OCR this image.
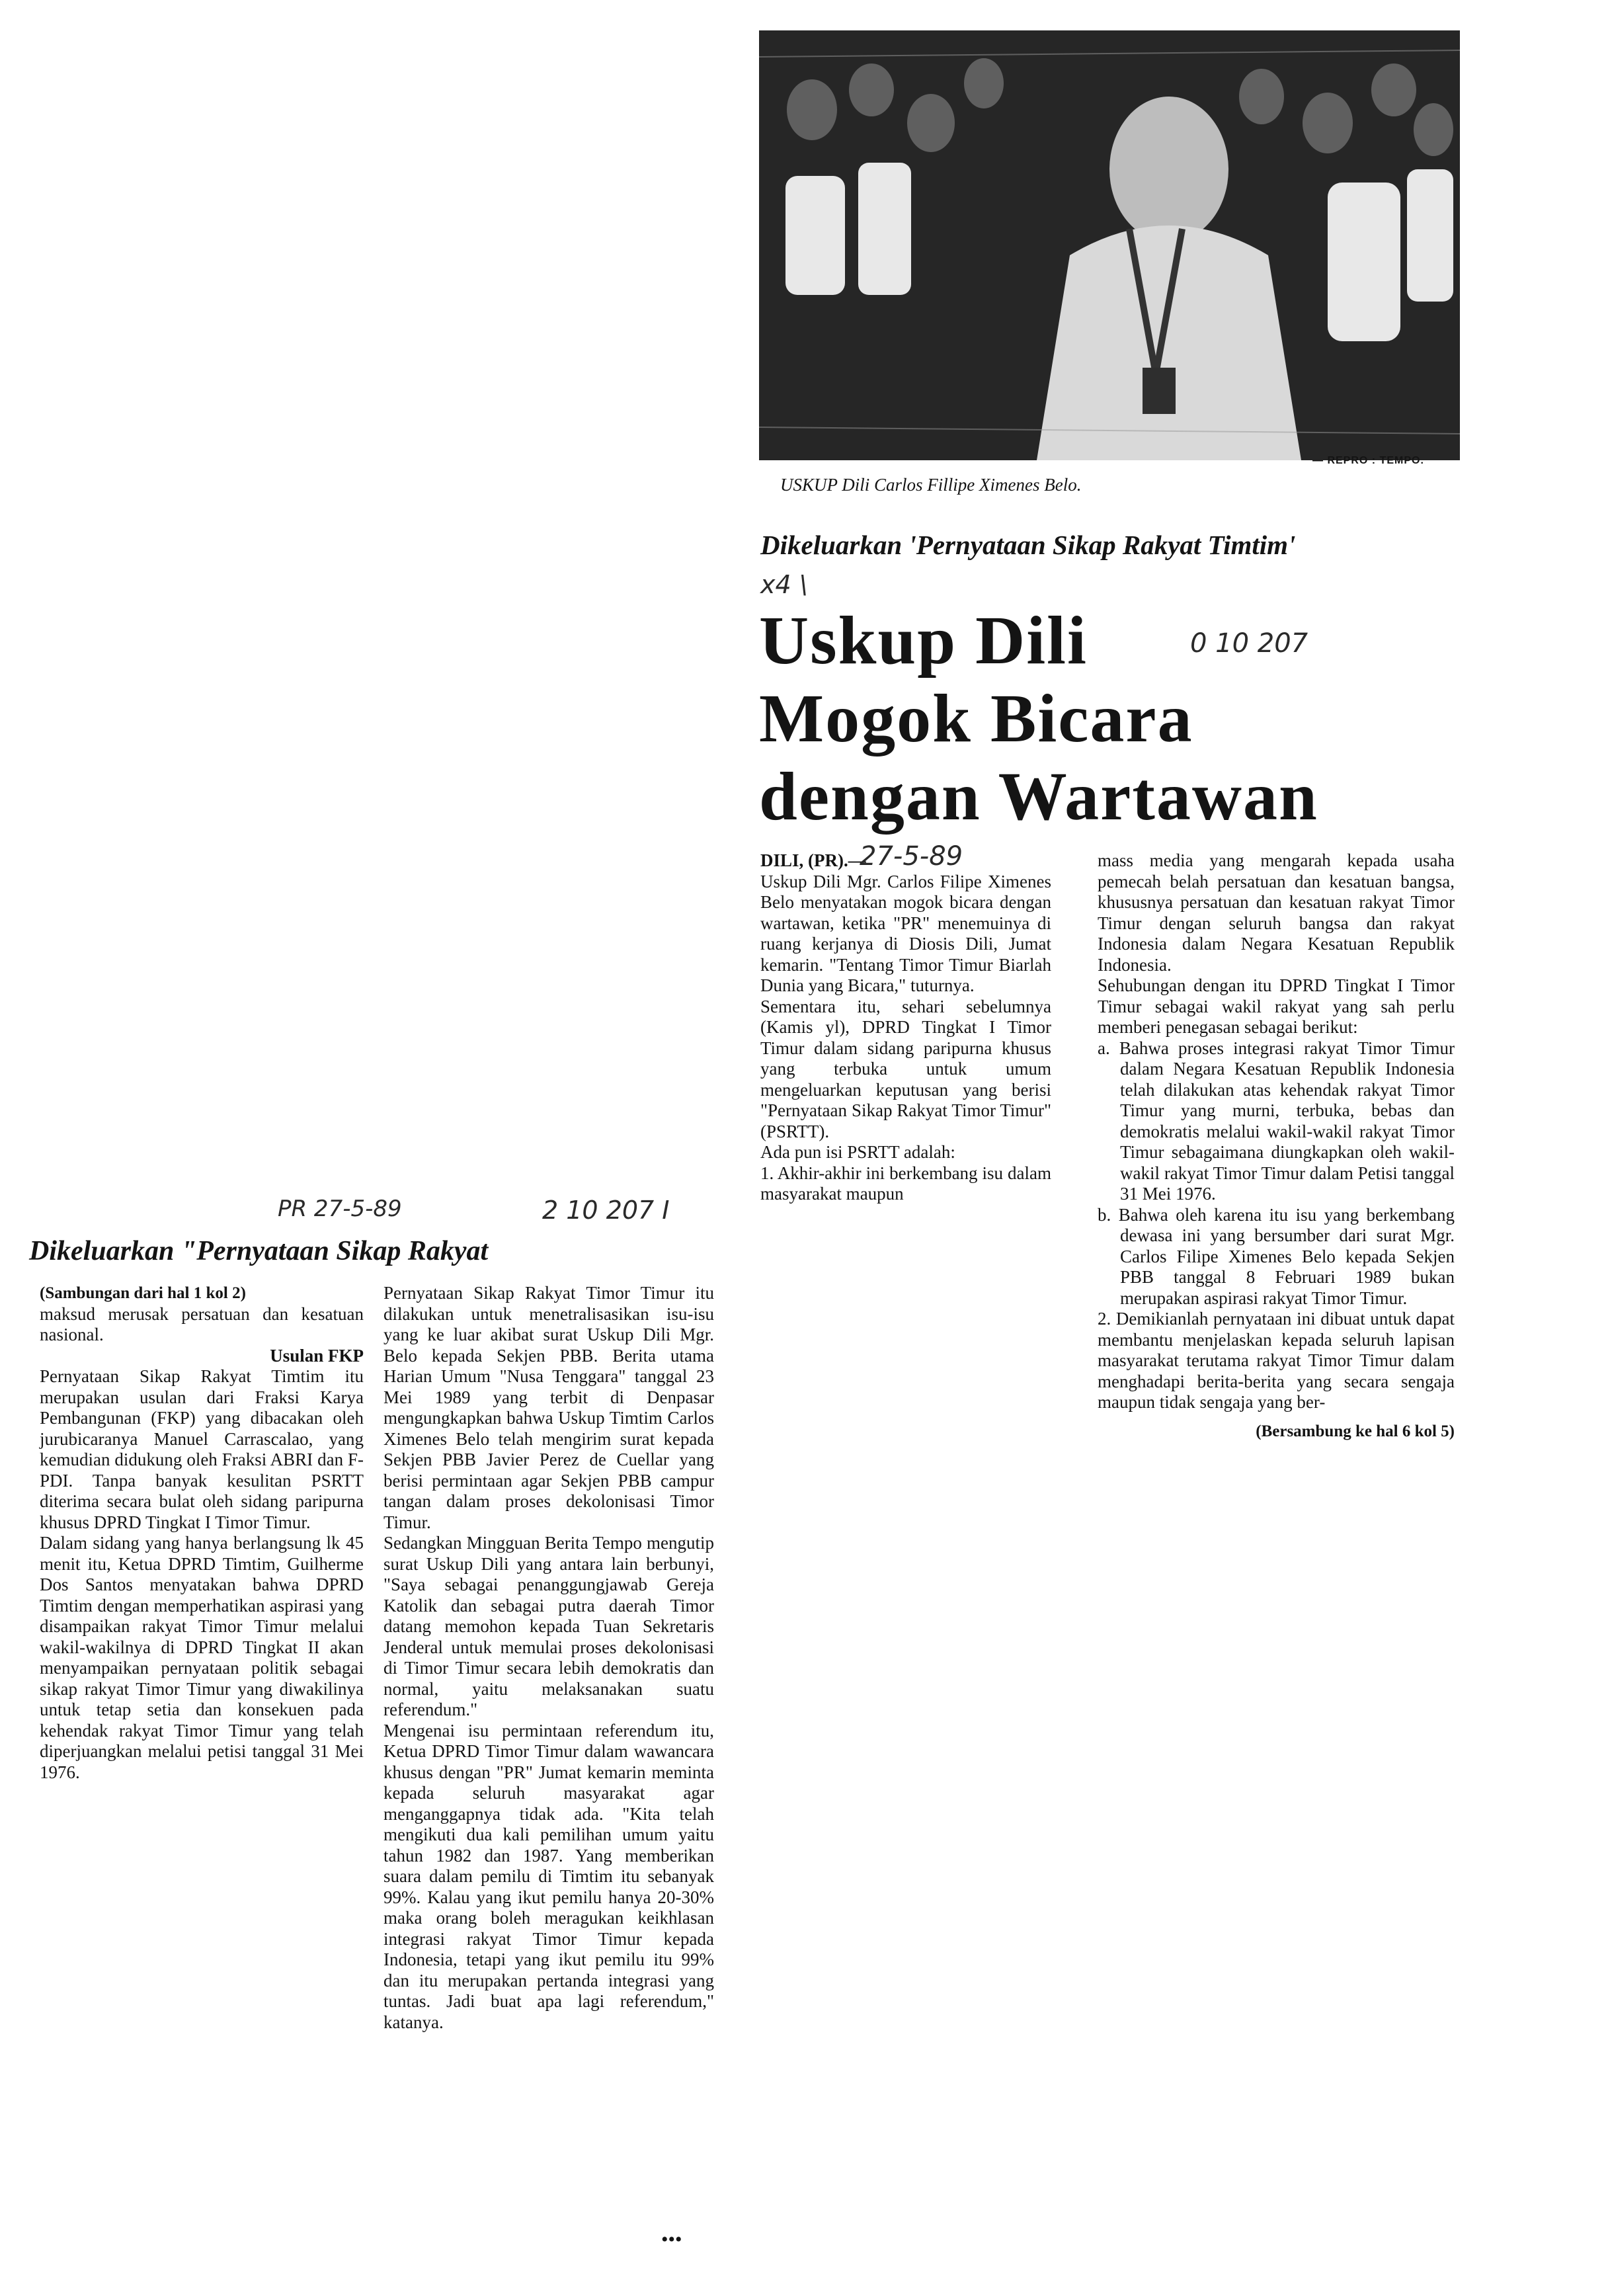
— REPRO : TEMPO.
USKUP Dili Carlos Fillipe Ximenes Belo.
Dikeluarkan 'Pernyataan Sikap Rakyat Timtim'
Uskup Dili
Mogok Bicara
dengan Wartawan

DILI, (PR).—

Uskup Dili Mgr. Carlos Filipe Ximenes Belo menyatakan mogok bicara dengan wartawan, ketika "PR" menemuinya di ruang kerjanya di Diosis Dili, Jumat kemarin. "Tentang Timor Timur Biarlah Dunia yang Bicara," tuturnya.

Sementara itu, sehari sebelumnya (Kamis yl), DPRD Tingkat I Timor Timur dalam sidang paripurna khusus yang terbuka untuk umum mengeluarkan keputusan yang berisi "Pernyataan Sikap Rakyat Timor Timur" (PSRTT).

Ada pun isi PSRTT adalah:

1. Akhir-akhir ini berkembang isu dalam masyarakat maupun

mass media yang mengarah kepada usaha pemecah belah persatuan dan kesatuan bangsa, khususnya persatuan dan kesatuan rakyat Timor Timur dengan seluruh bangsa dan rakyat Indonesia dalam Negara Kesatuan Republik Indonesia.

Sehubungan dengan itu DPRD Tingkat I Timor Timur sebagai wakil rakyat yang sah perlu memberi penegasan sebagai berikut:

a. Bahwa proses integrasi rakyat Timor Timur dalam Negara Kesatuan Republik Indonesia telah dilakukan atas kehendak rakyat Timor Timur yang murni, terbuka, bebas dan demokratis melalui wakil-wakil rakyat Timor Timur sebagaimana diungkapkan oleh wakil-wakil rakyat Timor Timur dalam Petisi tanggal 31 Mei 1976.

b. Bahwa oleh karena itu isu yang berkembang dewasa ini yang bersumber dari surat Mgr. Carlos Filipe Ximenes Belo kepada Sekjen PBB tanggal 8 Februari 1989 bukan merupakan aspirasi rakyat Timor Timur.

2. Demikianlah pernyataan ini dibuat untuk dapat membantu menjelaskan kepada seluruh lapisan masyarakat terutama rakyat Timor Timur dalam menghadapi berita-berita yang secara sengaja maupun tidak sengaja yang ber-

(Bersambung ke hal 6 kol 5)

Dikeluarkan "Pernyataan Sikap Rakyat

(Sambungan dari hal 1 kol 2)

maksud merusak persatuan dan kesatuan nasional.

Usulan FKP

Pernyataan Sikap Rakyat Timtim itu merupakan usulan dari Fraksi Karya Pembangunan (FKP) yang dibacakan oleh jurubicaranya Manuel Carrascalao, yang kemudian didukung oleh Fraksi ABRI dan F-PDI. Tanpa banyak kesulitan PSRTT diterima secara bulat oleh sidang paripurna khusus DPRD Tingkat I Timor Timur.

Dalam sidang yang hanya berlangsung lk 45 menit itu, Ketua DPRD Timtim, Guilherme Dos Santos menyatakan bahwa DPRD Timtim dengan memperhatikan aspirasi yang disampaikan rakyat Timor Timur melalui wakil-wakilnya di DPRD Tingkat II akan menyampaikan pernyataan politik sebagai sikap rakyat Timor Timur yang diwakilinya untuk tetap setia dan konsekuen pada kehendak rakyat Timor Timur yang telah diperjuangkan melalui petisi tanggal 31 Mei 1976.

Pernyataan Sikap Rakyat Timor Timur itu dilakukan untuk menetralisasikan isu-isu yang ke luar akibat surat Uskup Dili Mgr. Belo kepada Sekjen PBB. Berita utama Harian Umum "Nusa Tenggara" tanggal 23 Mei 1989 yang terbit di Denpasar mengungkapkan bahwa Uskup Timtim Carlos Ximenes Belo telah mengirim surat kepada Sekjen PBB Javier Perez de Cuellar yang berisi permintaan agar Sekjen PBB campur tangan dalam proses dekolonisasi Timor Timur.

Sedangkan Mingguan Berita Tempo mengutip surat Uskup Dili yang antara lain berbunyi, "Saya sebagai penanggungjawab Gereja Katolik dan sebagai putra daerah Timor datang memohon kepada Tuan Sekretaris Jenderal untuk memulai proses dekolonisasi di Timor Timur secara lebih demokratis dan normal, yaitu melaksanakan suatu referendum."

Mengenai isu permintaan referendum itu, Ketua DPRD Timor Timur dalam wawancara khusus dengan "PR" Jumat kemarin meminta kepada seluruh masyarakat agar menganggapnya tidak ada. "Kita telah mengikuti dua kali pemilihan umum yaitu tahun 1982 dan 1987. Yang memberikan suara dalam pemilu di Timtim itu sebanyak 99%. Kalau yang ikut pemilu hanya 20-30% maka orang boleh meragukan keikhlasan integrasi rakyat Timor Timur kepada Indonesia, tetapi yang ikut pemilu itu 99% dan itu merupakan pertanda integrasi yang tuntas. Jadi buat apa lagi referendum," katanya.

•••
0 10 207
x4 \
27-5-89
PR 27-5-89	2 10 207 I
